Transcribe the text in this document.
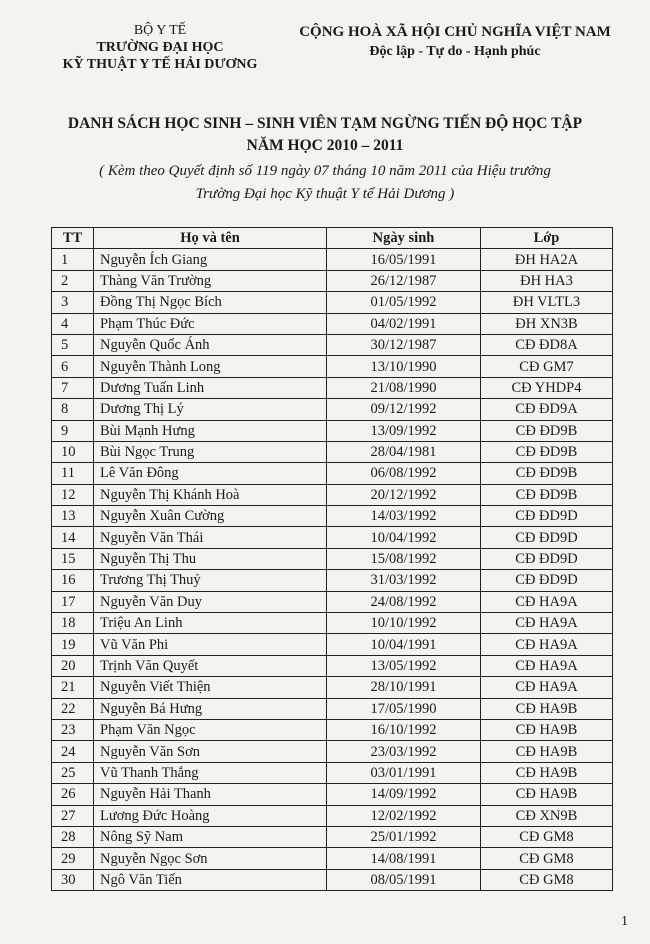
BỘ Y TẾ
TRƯỜNG ĐẠI HỌC
KỸ THUẬT Y TẾ HẢI DƯƠNG
CỘNG HOÀ XÃ HỘI CHỦ NGHĨA VIỆT NAM
Độc lập - Tự do - Hạnh phúc
DANH SÁCH HỌC SINH – SINH VIÊN TẠM NGỪNG TIẾN ĐỘ HỌC TẬP
NĂM HỌC 2010 – 2011
( Kèm theo Quyết định số 119 ngày 07 tháng 10 năm 2011 của Hiệu trưởng
Trường Đại học Kỹ thuật Y tế Hải Dương )
TT	Họ và tên	Ngày sinh	Lớp
1	Nguyễn Ích Giang	16/05/1991	ĐH HA2A
2	Thàng Văn Trường	26/12/1987	ĐH HA3
3	Đồng Thị Ngọc Bích	01/05/1992	ĐH VLTL3
4	Phạm Thúc Đức	04/02/1991	ĐH XN3B
5	Nguyễn Quốc Ánh	30/12/1987	CĐ ĐD8A
6	Nguyễn Thành Long	13/10/1990	CĐ GM7
7	Dương Tuấn Linh	21/08/1990	CĐ YHDP4
8	Dương Thị Lý	09/12/1992	CĐ ĐD9A
9	Bùi Mạnh Hưng	13/09/1992	CĐ ĐD9B
10	Bùi Ngọc Trung	28/04/1981	CĐ ĐD9B
11	Lê Văn Đông	06/08/1992	CĐ ĐD9B
12	Nguyễn Thị Khánh Hoà	20/12/1992	CĐ ĐD9B
13	Nguyễn Xuân Cường	14/03/1992	CĐ ĐD9D
14	Nguyễn Văn Thái	10/04/1992	CĐ ĐD9D
15	Nguyễn Thị Thu	15/08/1992	CĐ ĐD9D
16	Trương Thị Thuỷ	31/03/1992	CĐ ĐD9D
17	Nguyễn Văn Duy	24/08/1992	CĐ HA9A
18	Triệu An Linh	10/10/1992	CĐ HA9A
19	Vũ Văn Phi	10/04/1991	CĐ HA9A
20	Trịnh Văn Quyết	13/05/1992	CĐ HA9A
21	Nguyễn Viết Thiện	28/10/1991	CĐ HA9A
22	Nguyễn Bá Hưng	17/05/1990	CĐ HA9B
23	Phạm Văn Ngọc	16/10/1992	CĐ HA9B
24	Nguyễn Văn Sơn	23/03/1992	CĐ HA9B
25	Vũ Thanh Thắng	03/01/1991	CĐ HA9B
26	Nguyễn Hải Thanh	14/09/1992	CĐ HA9B
27	Lương Đức Hoàng	12/02/1992	CĐ XN9B
28	Nông Sỹ Nam	25/01/1992	CĐ GM8
29	Nguyễn Ngọc Sơn	14/08/1991	CĐ GM8
30	Ngô Văn Tiến	08/05/1991	CĐ GM8
1
